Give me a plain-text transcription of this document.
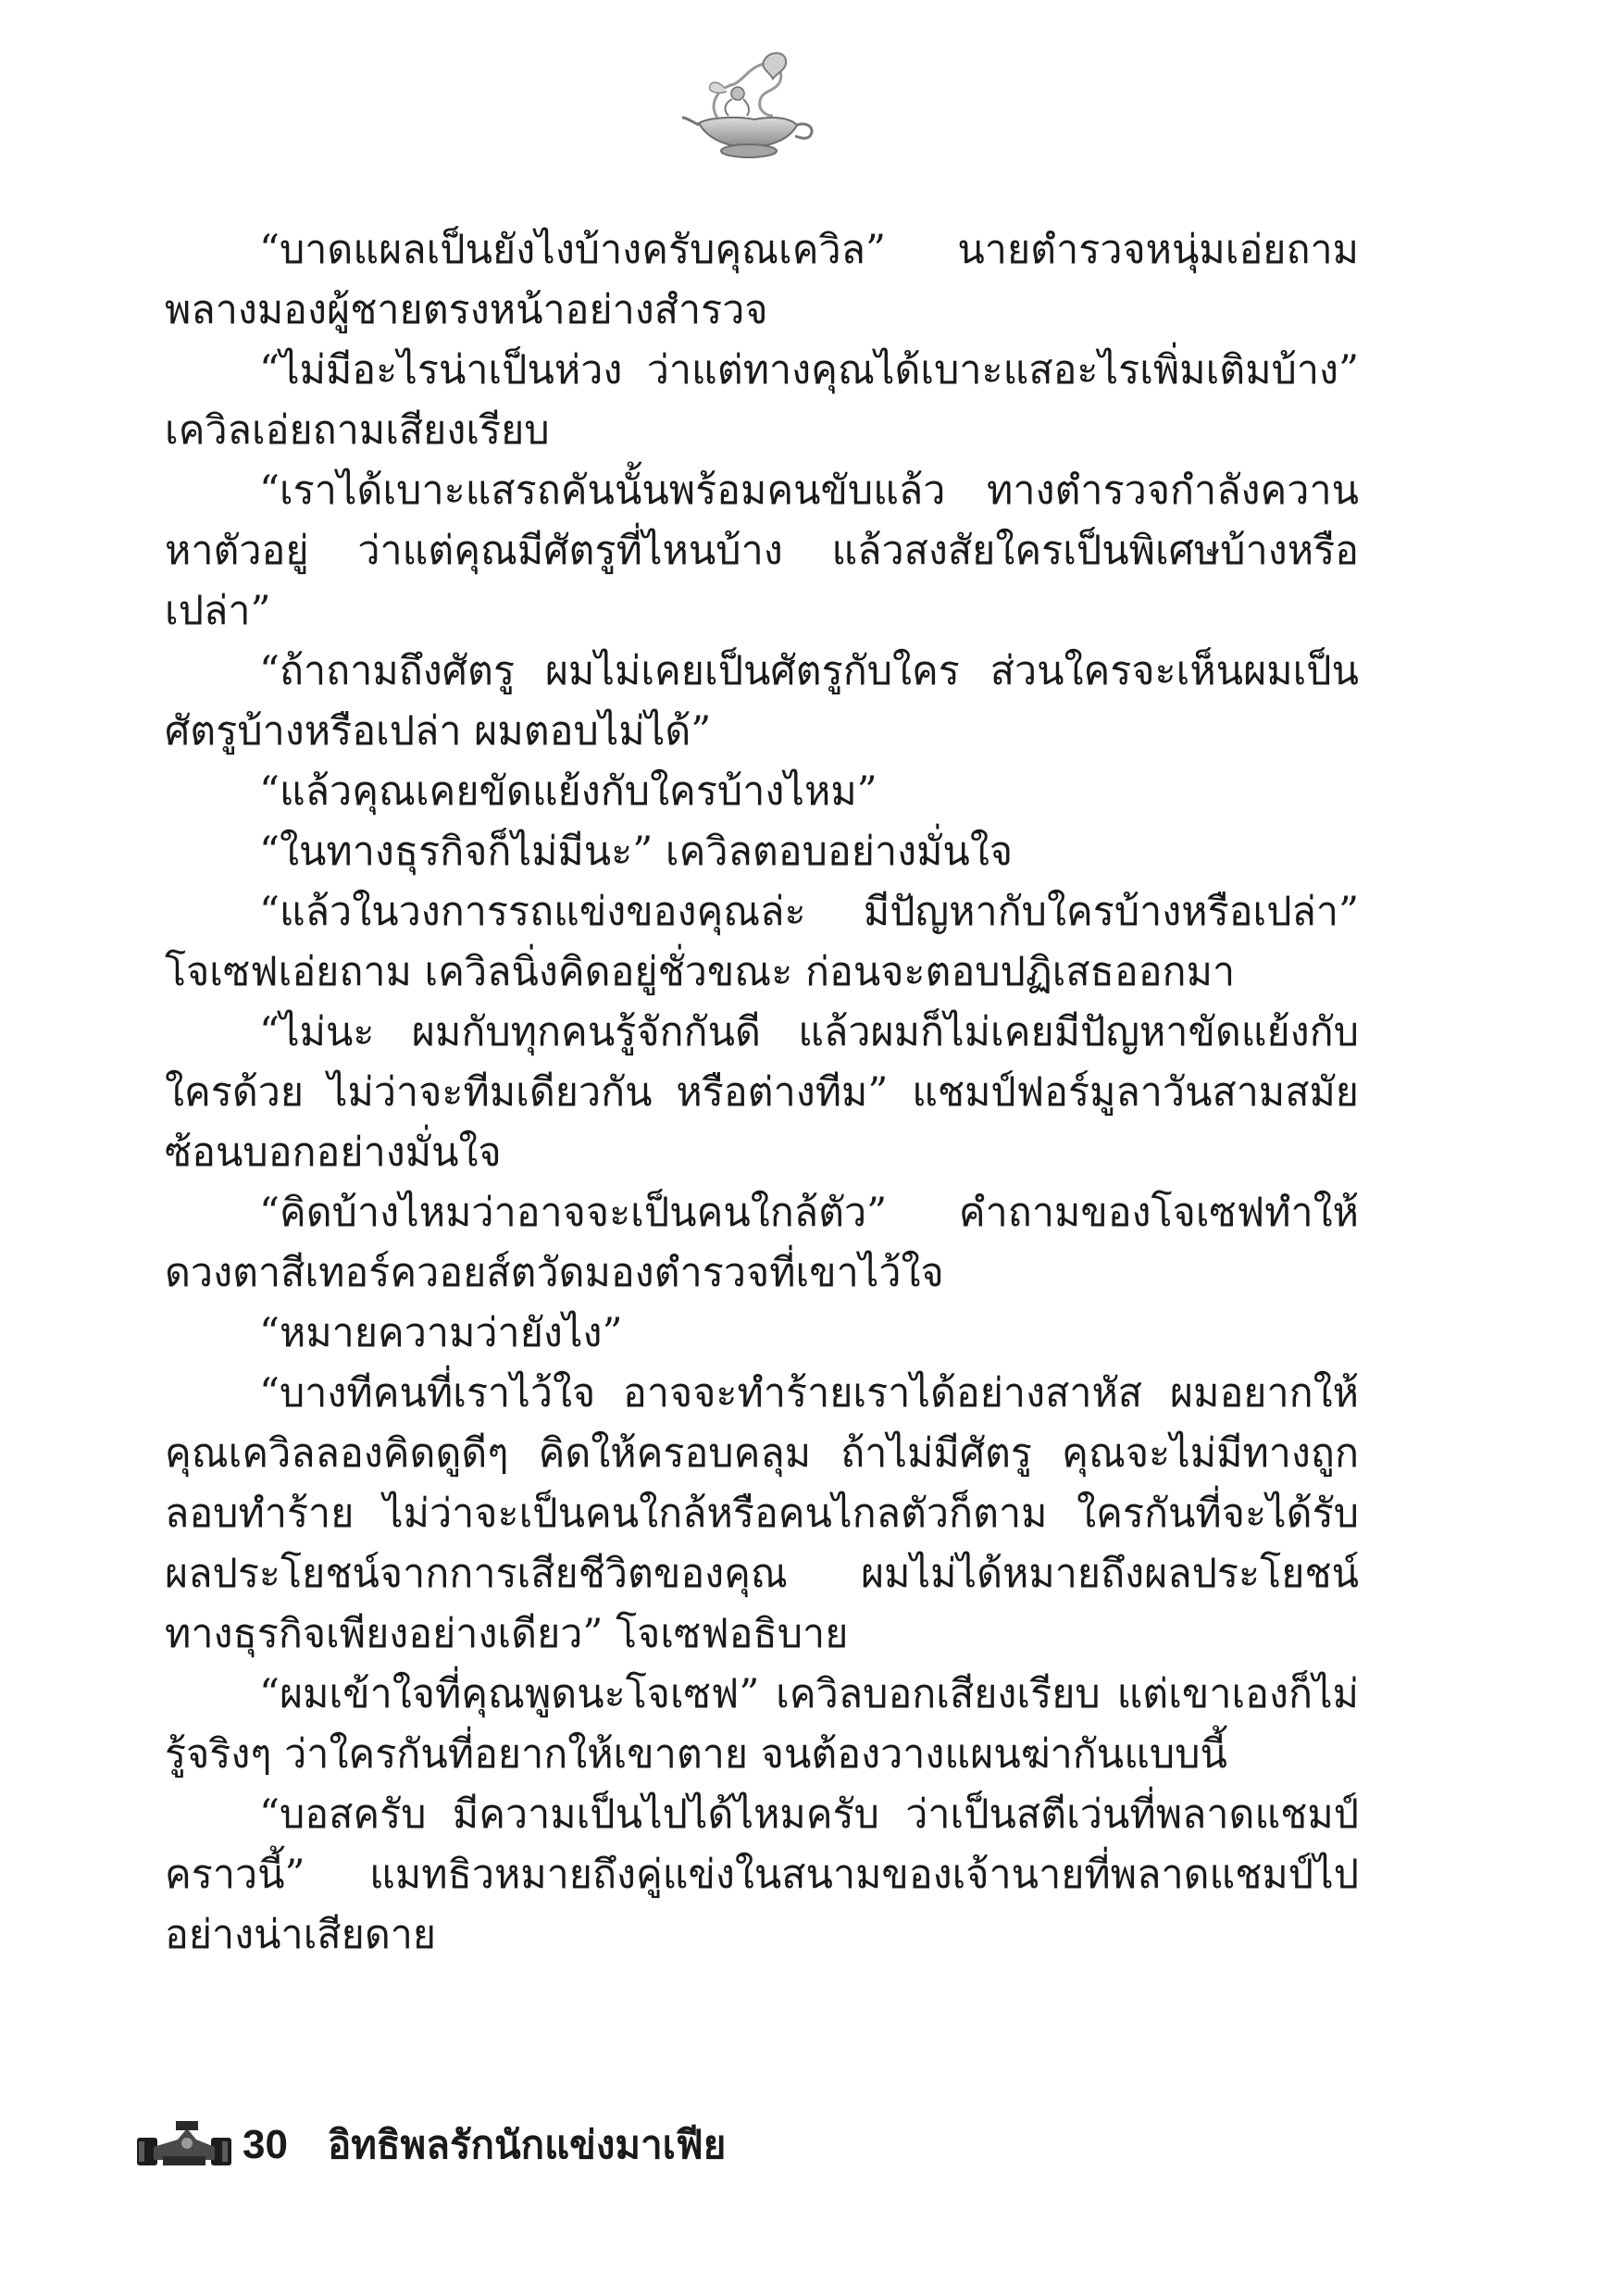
“บาดแผลเป็นยังไงบ้างครับคุณเควิล” นายตำรวจหนุ่มเอ่ยถามพลางมองผู้ชายตรงหน้าอย่างสำรวจ

“ไม่มีอะไรน่าเป็นห่วง ว่าแต่ทางคุณได้เบาะแสอะไรเพิ่มเติมบ้าง” เควิลเอ่ยถามเสียงเรียบ

“เราได้เบาะแสรถคันนั้นพร้อมคนขับแล้ว ทางตำรวจกำลังควานหาตัวอยู่ ว่าแต่คุณมีศัตรูที่ไหนบ้าง แล้วสงสัยใครเป็นพิเศษบ้างหรือเปล่า”

“ถ้าถามถึงศัตรู ผมไม่เคยเป็นศัตรูกับใคร ส่วนใครจะเห็นผมเป็นศัตรูบ้างหรือเปล่า ผมตอบไม่ได้”

“แล้วคุณเคยขัดแย้งกับใครบ้างไหม”

“ในทางธุรกิจก็ไม่มีนะ” เควิลตอบอย่างมั่นใจ

“แล้วในวงการรถแข่งของคุณล่ะ มีปัญหากับใครบ้างหรือเปล่า” โจเซฟเอ่ยถาม เควิลนิ่งคิดอยู่ชั่วขณะ ก่อนจะตอบปฏิเสธออกมา

“ไม่นะ ผมกับทุกคนรู้จักกันดี แล้วผมก็ไม่เคยมีปัญหาขัดแย้งกับใครด้วย ไม่ว่าจะทีมเดียวกัน หรือต่างทีม” แชมป์ฟอร์มูลาวันสามสมัยซ้อนบอกอย่างมั่นใจ

“คิดบ้างไหมว่าอาจจะเป็นคนใกล้ตัว” คำถามของโจเซฟทำให้ดวงตาสีเทอร์ควอยส์ตวัดมองตำรวจที่เขาไว้ใจ

“หมายความว่ายังไง”

“บางทีคนที่เราไว้ใจ อาจจะทำร้ายเราได้อย่างสาหัส ผมอยากให้คุณเควิลลองคิดดูดีๆ คิดให้ครอบคลุม ถ้าไม่มีศัตรู คุณจะไม่มีทางถูกลอบทำร้าย ไม่ว่าจะเป็นคนใกล้หรือคนไกลตัวก็ตาม ใครกันที่จะได้รับผลประโยชน์จากการเสียชีวิตของคุณ ผมไม่ได้หมายถึงผลประโยชน์ทางธุรกิจเพียงอย่างเดียว” โจเซฟอธิบาย

“ผมเข้าใจที่คุณพูดนะโจเซฟ” เควิลบอกเสียงเรียบ แต่เขาเองก็ไม่รู้จริงๆ ว่าใครกันที่อยากให้เขาตาย จนต้องวางแผนฆ่ากันแบบนี้

“บอสครับ มีความเป็นไปได้ไหมครับ ว่าเป็นสตีเว่นที่พลาดแชมป์คราวนี้” แมทธิวหมายถึงคู่แข่งในสนามของเจ้านายที่พลาดแชมป์ไปอย่างน่าเสียดาย

30 อิทธิพลรักนักแข่งมาเฟีย
